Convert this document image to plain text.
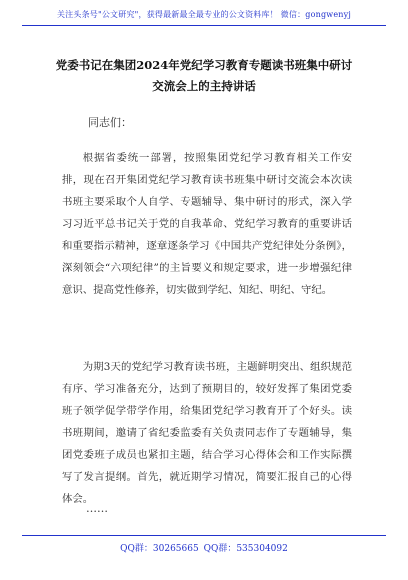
关注头条号"公文研究"，获得最新最全最专业的公文资料库！ 微信：gongwenyj
党委书记在集团2024年党纪学习教育专题读书班集中研讨
交流会上的主持讲话
同志们：

根据省委统一部署，按照集团党纪学习教育相关工作安排，现在召开集团党纪学习教育读书班集中研讨交流会本次读书班主要采取个人自学、专题辅导、集中研讨的形式，深入学习习近平总书记关于党的自我革命、党纪学习教育的重要讲话和重要指示精神，逐章逐条学习《中国共产党纪律处分条例》，深刻领会“六项纪律”的主旨要义和规定要求，进一步增强纪律意识、提高党性修养，切实做到学纪、知纪、明纪、守纪。

为期3天的党纪学习教育读书班，主题鲜明突出、组织规范有序、学习准备充分，达到了预期目的，较好发挥了集团党委班子领学促学带学作用，给集团党纪学习教育开了个好头。读书班期间，邀请了省纪委监委有关负责同志作了专题辅导，集团党委班子成员也紧扣主题，结合学习心得体会和工作实际撰写了发言提纲。首先，就近期学习情况，简要汇报自己的心得体会。

……
QQ群：30265665 QQ群：535304092
